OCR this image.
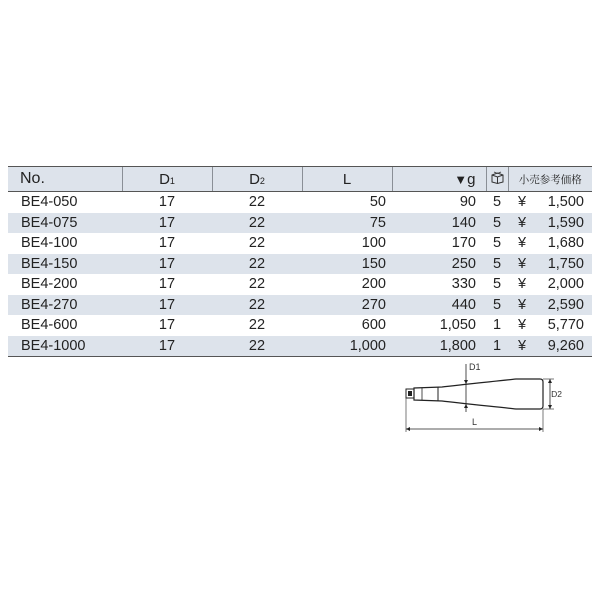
No.	D1	D2	L	▼g		小売参考価格
BE4-050	17	22	50	90	5	¥ 1,500

BE4-075	17	22	75	140	5	¥ 1,590

BE4-100	17	22	100	170	5	¥ 1,680

BE4-150	17	22	150	250	5	¥ 1,750

BE4-200	17	22	200	330	5	¥ 2,000

BE4-270	17	22	270	440	5	¥ 2,590

BE4-600	17	22	600	1,050	1	¥ 5,770

BE4-1000	17	22	1,000	1,800	1	¥ 9,260
D1
D2
L
